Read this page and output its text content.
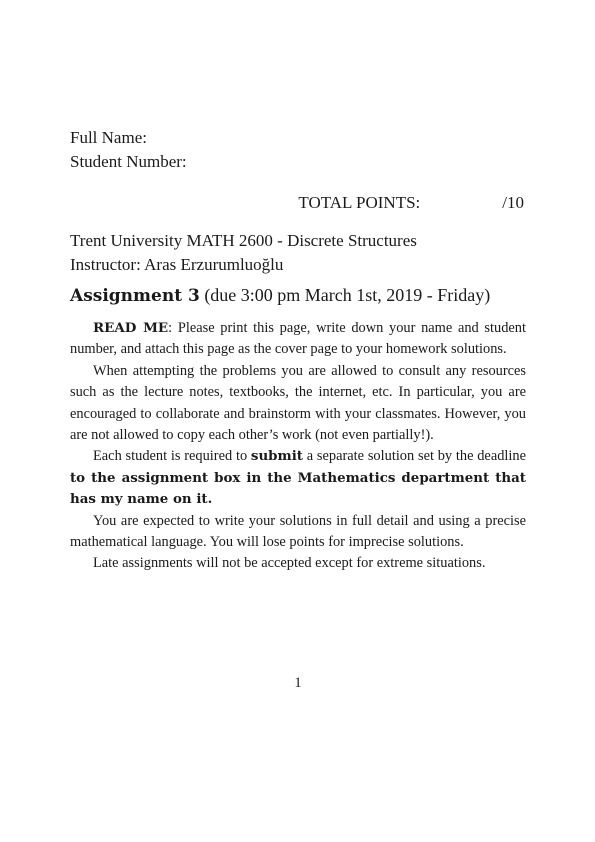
Full Name:
Student Number:
TOTAL POINTS:	/10
Trent University MATH 2600 - Discrete Structures
Instructor: Aras Erzurumluoğlu
Assignment 3 (due 3:00 pm March 1st, 2019 - Friday)

READ ME: Please print this page, write down your name and student number, and attach this page as the cover page to your homework solutions.

When attempting the problems you are allowed to consult any resources such as the lecture notes, textbooks, the internet, etc. In particular, you are encouraged to collaborate and brainstorm with your classmates. However, you are not allowed to copy each other’s work (not even partially!).

Each student is required to submit a separate solution set by the deadline to the assignment box in the Mathematics department that has my name on it.

You are expected to write your solutions in full detail and using a precise mathematical language. You will lose points for imprecise solutions.

Late assignments will not be accepted except for extreme situations.

1
